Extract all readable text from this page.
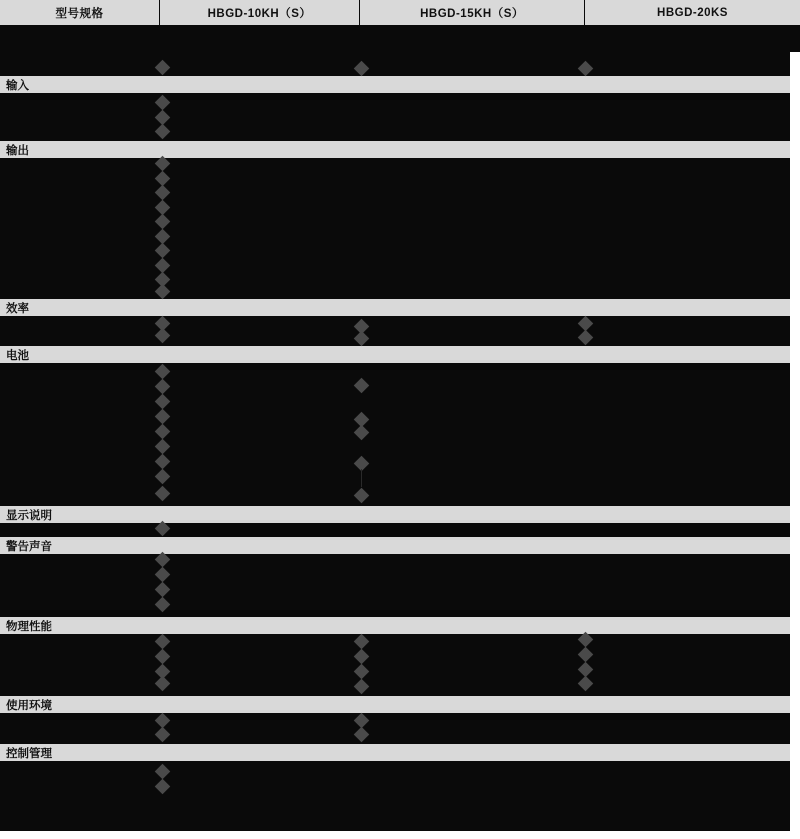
型号规格	HBGD-10KH（S）	HBGD-15KH（S）	HBGD-20KS
输入
输出
效率
电池
显示说明
警告声音
物理性能
使用环境
控制管理
